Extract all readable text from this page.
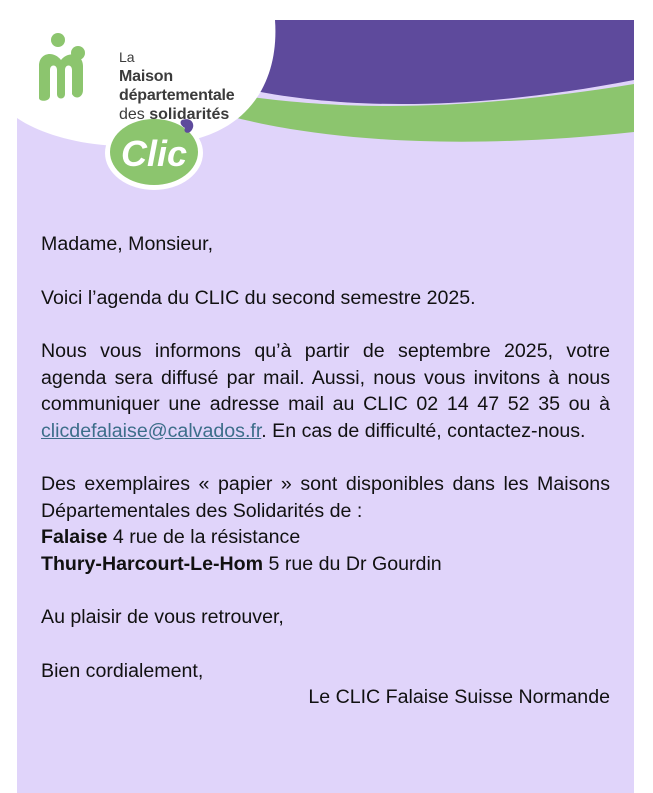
Clic
La
Maison
départementale
des solidarités

Madame, Monsieur,

Voici l’agenda du CLIC du second semestre 2025.

Nous vous informons qu’à partir de septembre 2025, votre agenda sera diffusé par mail. Aussi, nous vous invitons à nous communiquer une adresse mail au CLIC 02 14 47 52 35 ou à clicdefalaise@calvados.fr. En cas de difficulté, contactez-nous.

Des exemplaires « papier » sont disponibles dans les Maisons Départementales des Solidarités de :

Falaise 4 rue de la résistance

Thury-Harcourt-Le-Hom 5 rue du Dr Gourdin

Au plaisir de vous retrouver,

Bien cordialement,

Le CLIC Falaise Suisse Normande
